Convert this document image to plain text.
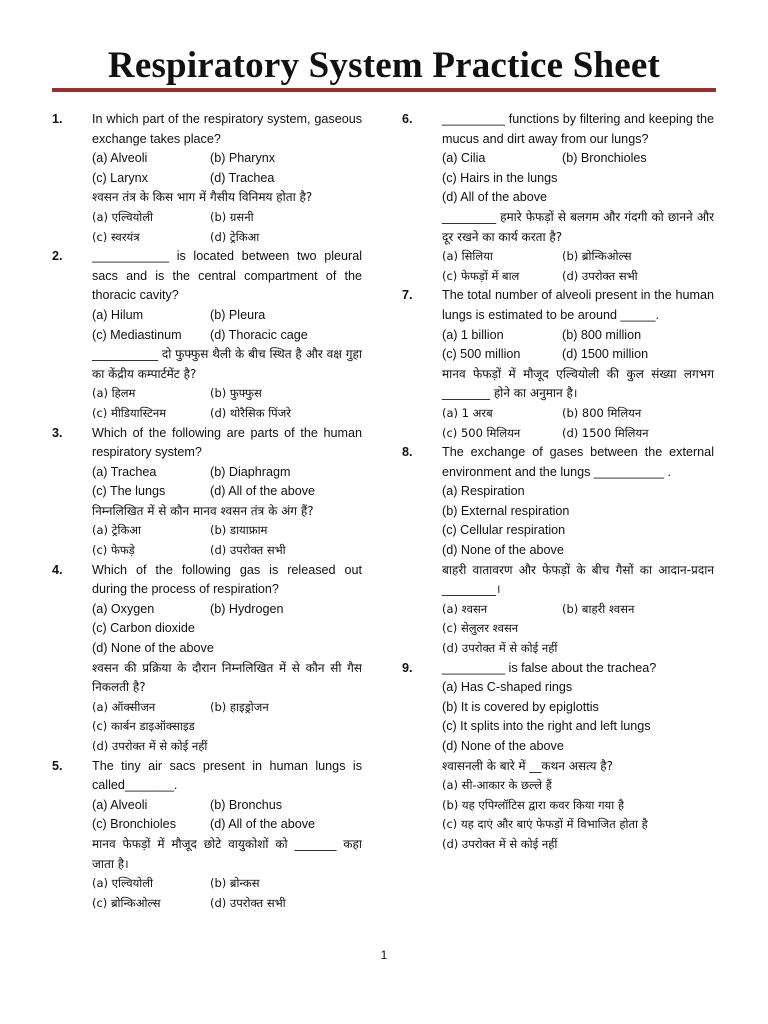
Respiratory System Practice Sheet
1. In which part of the respiratory system, gaseous exchange takes place?
(a) Alveoli	(b) Pharynx
(c) Larynx	(d) Trachea
श्वसन तंत्र के किस भाग में गैसीय विनिमय होता है?
(a) एल्वियोली	(b) ग्रसनी
(c) स्वरयंत्र	(d) ट्रेकिआ
2. ___________ is located between two pleural sacs and is the central compartment of the thoracic cavity?
(a) Hilum	(b) Pleura
(c) Mediastinum	(d) Thoracic cage
___________ दो फुफ्फुस थैली के बीच स्थित है और वक्ष गुहा का केंद्रीय कम्पार्टमेंट है?
(a) हिलम	(b) फुफ्फुस
(c) मीडियास्टिनम	(d) थोरैसिक पिंजरे
3. Which of the following are parts of the human respiratory system?
(a) Trachea	(b) Diaphragm
(c) The lungs	(d) All of the above
निम्नलिखित में से कौन मानव श्वसन तंत्र के अंग हैं?
(a) ट्रेकिआ	(b) डायाफ्राम
(c) फेफड़े	(d) उपरोक्त सभी
4. Which of the following gas is released out during the process of respiration?
(a) Oxygen	(b) Hydrogen
(c) Carbon dioxide
(d) None of the above
श्वसन की प्रक्रिया के दौरान निम्नलिखित में से कौन सी गैस निकलती है?
(a) ऑक्सीजन	(b) हाइड्रोजन
(c) कार्बन डाइऑक्साइड
(d) उपरोक्त में से कोई नहीं
5. The tiny air sacs present in human lungs is called_______.
(a) Alveoli	(b) Bronchus
(c) Bronchioles	(d) All of the above
मानव फेफड़ों में मौजूद छोटे वायुकोशों को _______ कहा जाता है।
(a) एल्वियोली	(b) ब्रोन्कस
(c) ब्रोन्किओल्स	(d) उपरोक्त सभी
6. _________ functions by filtering and keeping the mucus and dirt away from our lungs?
(a) Cilia	(b) Bronchioles
(c) Hairs in the lungs
(d) All of the above
_________ हमारे फेफड़ों से बलगम और गंदगी को छानने और दूर रखने का कार्य करता है?
(a) सिलिया	(b) ब्रोन्किओल्स
(c) फेफड़ों में बाल	(d) उपरोक्त सभी
7. The total number of alveoli present in the human lungs is estimated to be around _____.
(a) 1 billion	(b) 800 million
(c) 500 million	(d) 1500 million
मानव फेफड़ों में मौजूद एल्वियोली की कुल संख्या लगभग ________ होने का अनुमान है।
(a) 1 अरब	(b) 800 मिलियन
(c) 500 मिलियन	(d) 1500 मिलियन
8. The exchange of gases between the external environment and the lungs __________ .
(a) Respiration
(b) External respiration
(c) Cellular respiration
(d) None of the above
बाहरी वातावरण और फेफड़ों के बीच गैसों का आदान-प्रदान _________।
(a) श्वसन	(b) बाहरी श्वसन
(c) सेलुलर श्वसन
(d) उपरोक्त में से कोई नहीं
9. _________ is false about the trachea?
(a) Has C-shaped rings
(b) It is covered by epiglottis
(c) It splits into the right and left lungs
(d) None of the above
श्वासनली के बारे में __कथन असत्य है?
(a) सी-आकार के छल्ले हैं
(b) यह एपिग्लॉटिस द्वारा कवर किया गया है
(c) यह दाएं और बाएं फेफड़ों में विभाजित होता है
(d) उपरोक्त में से कोई नहीं
1
